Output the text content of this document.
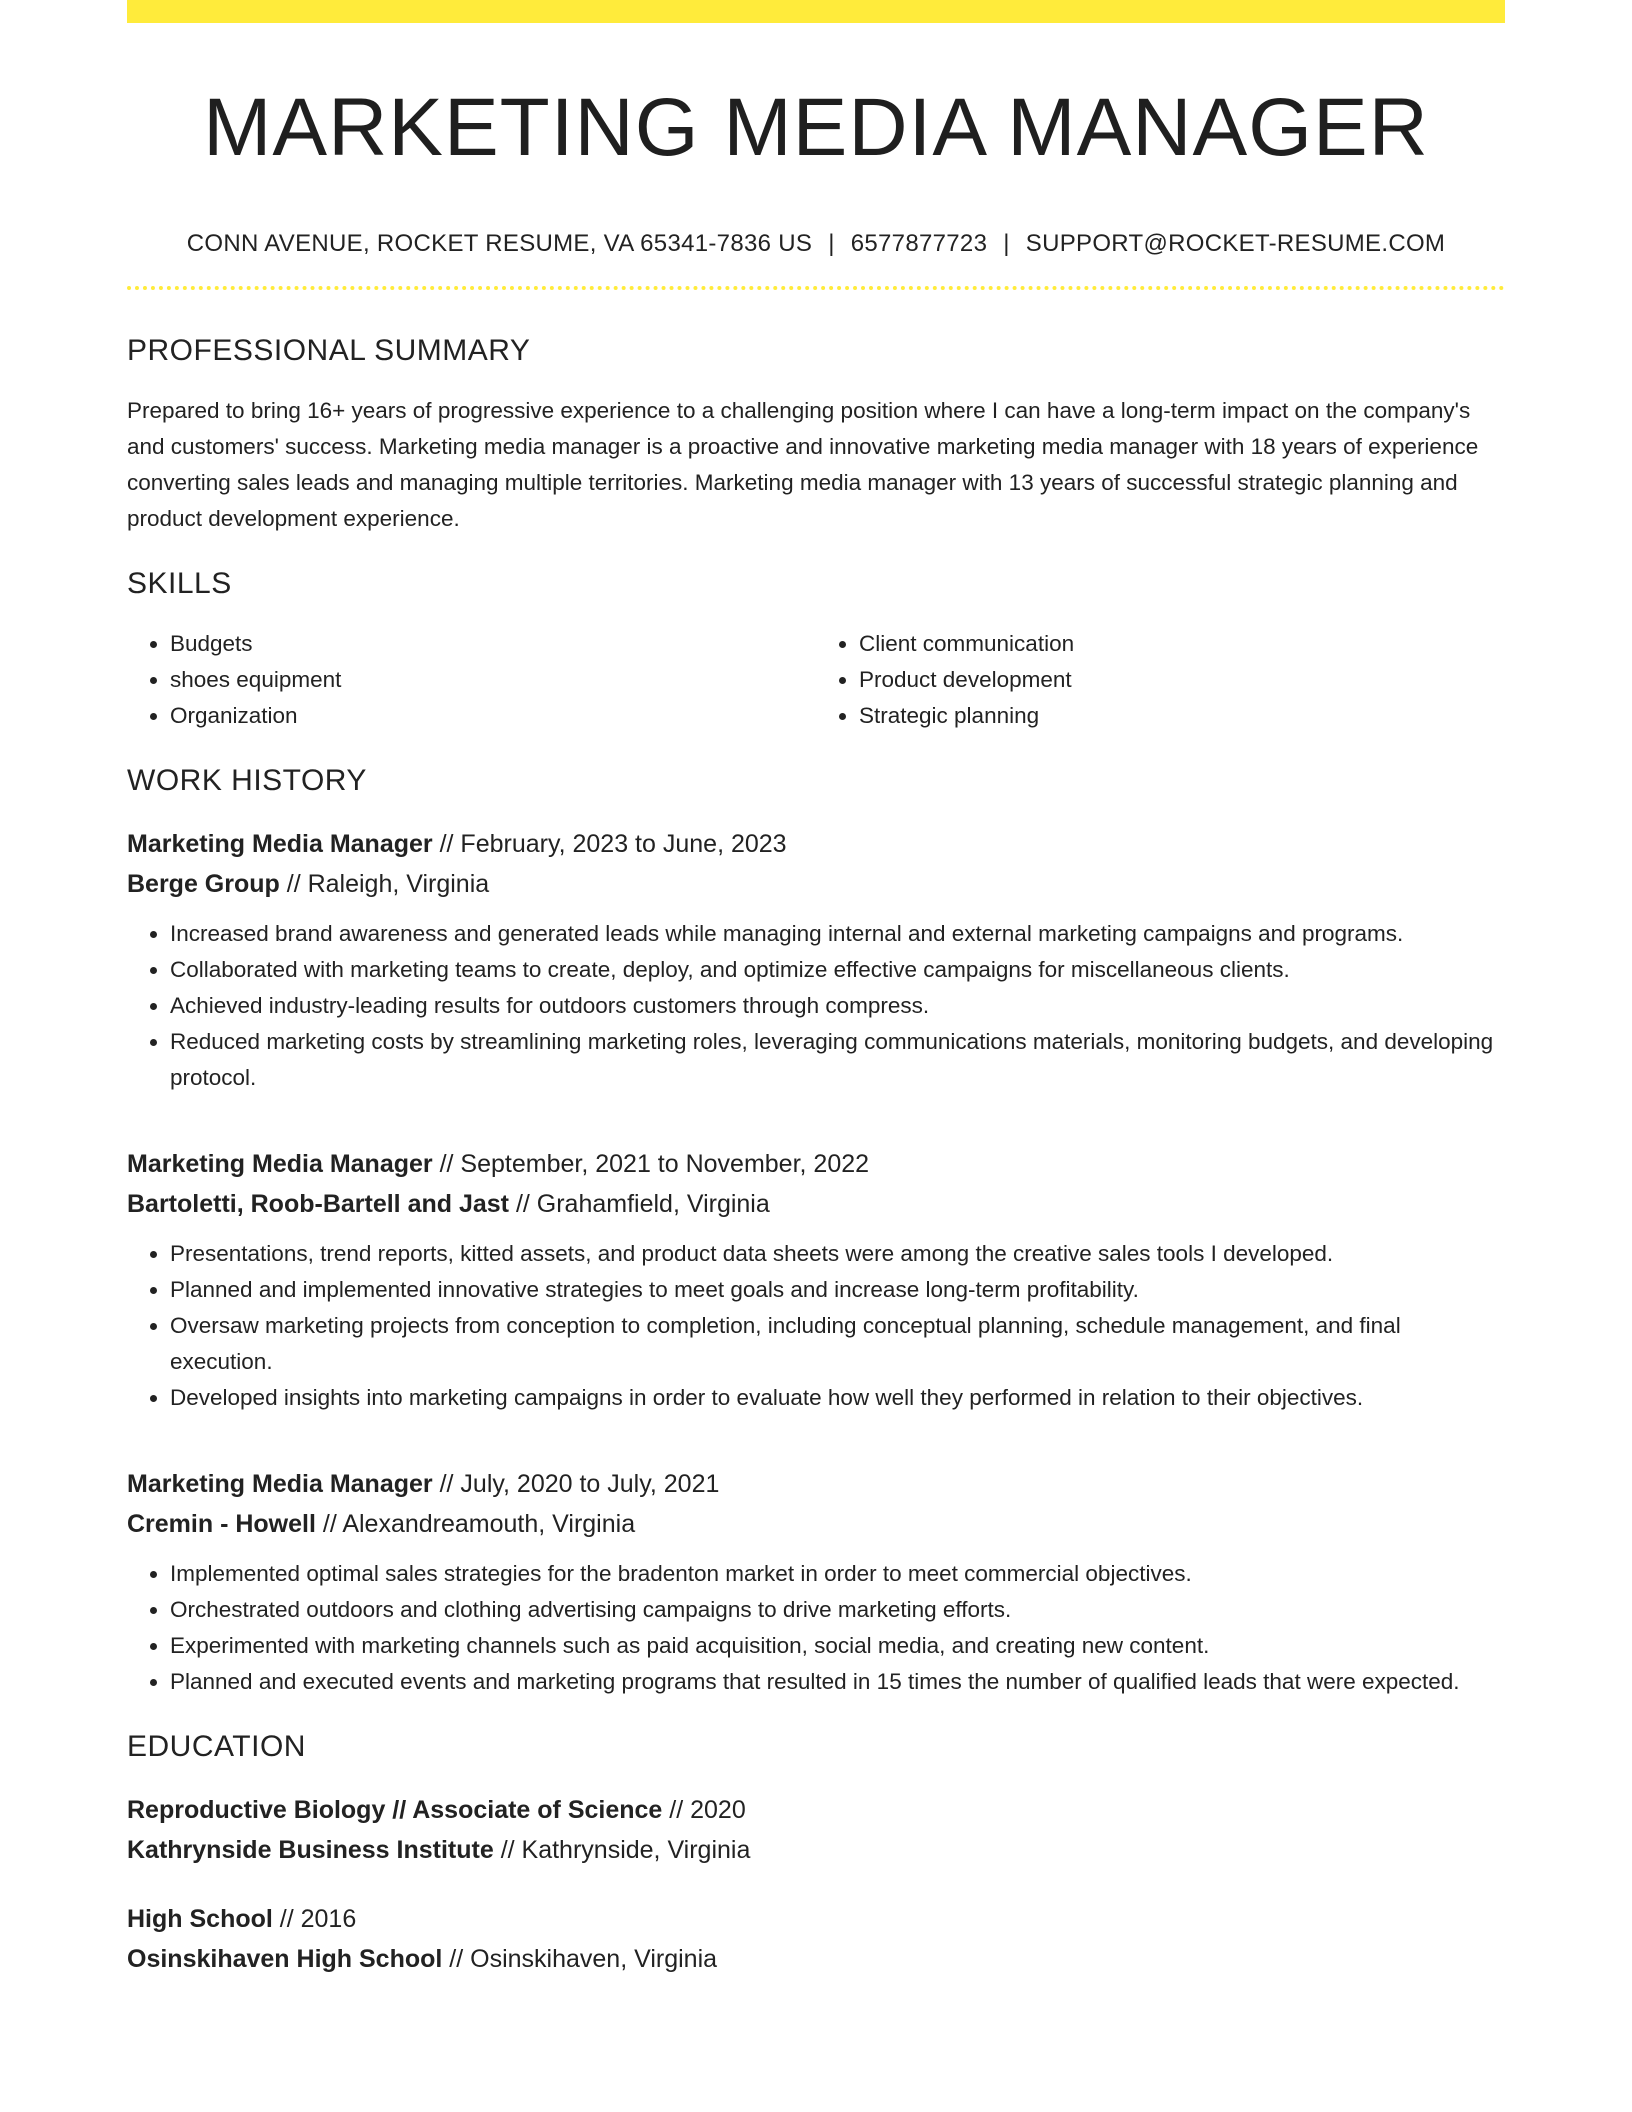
MARKETING MEDIA MANAGER
CONN AVENUE, ROCKET RESUME, VA 65341-7836 US | 6577877723 | SUPPORT@ROCKET-RESUME.COM
PROFESSIONAL SUMMARY

Prepared to bring 16+ years of progressive experience to a challenging position where I can have a long-term impact on the company's and customers' success. Marketing media manager is a proactive and innovative marketing media manager with 18 years of experience converting sales leads and managing multiple territories. Marketing media manager with 13 years of successful strategic planning and product development experience.

SKILLS
• Budgets
• shoes equipment
• Organization
• Client communication
• Product development
• Strategic planning
WORK HISTORY
Marketing Media Manager // February, 2023 to June, 2023
Berge Group // Raleigh, Virginia
• Increased brand awareness and generated leads while managing internal and external marketing campaigns and programs.
• Collaborated with marketing teams to create, deploy, and optimize effective campaigns for miscellaneous clients.
• Achieved industry-leading results for outdoors customers through compress.
• Reduced marketing costs by streamlining marketing roles, leveraging communications materials, monitoring budgets, and developing protocol.
Marketing Media Manager // September, 2021 to November, 2022
Bartoletti, Roob-Bartell and Jast // Grahamfield, Virginia
• Presentations, trend reports, kitted assets, and product data sheets were among the creative sales tools I developed.
• Planned and implemented innovative strategies to meet goals and increase long-term profitability.
• Oversaw marketing projects from conception to completion, including conceptual planning, schedule management, and final execution.
• Developed insights into marketing campaigns in order to evaluate how well they performed in relation to their objectives.
Marketing Media Manager // July, 2020 to July, 2021
Cremin - Howell // Alexandreamouth, Virginia
• Implemented optimal sales strategies for the bradenton market in order to meet commercial objectives.
• Orchestrated outdoors and clothing advertising campaigns to drive marketing efforts.
• Experimented with marketing channels such as paid acquisition, social media, and creating new content.
• Planned and executed events and marketing programs that resulted in 15 times the number of qualified leads that were expected.
EDUCATION
Reproductive Biology // Associate of Science // 2020
Kathrynside Business Institute // Kathrynside, Virginia
High School // 2016
Osinskihaven High School // Osinskihaven, Virginia
